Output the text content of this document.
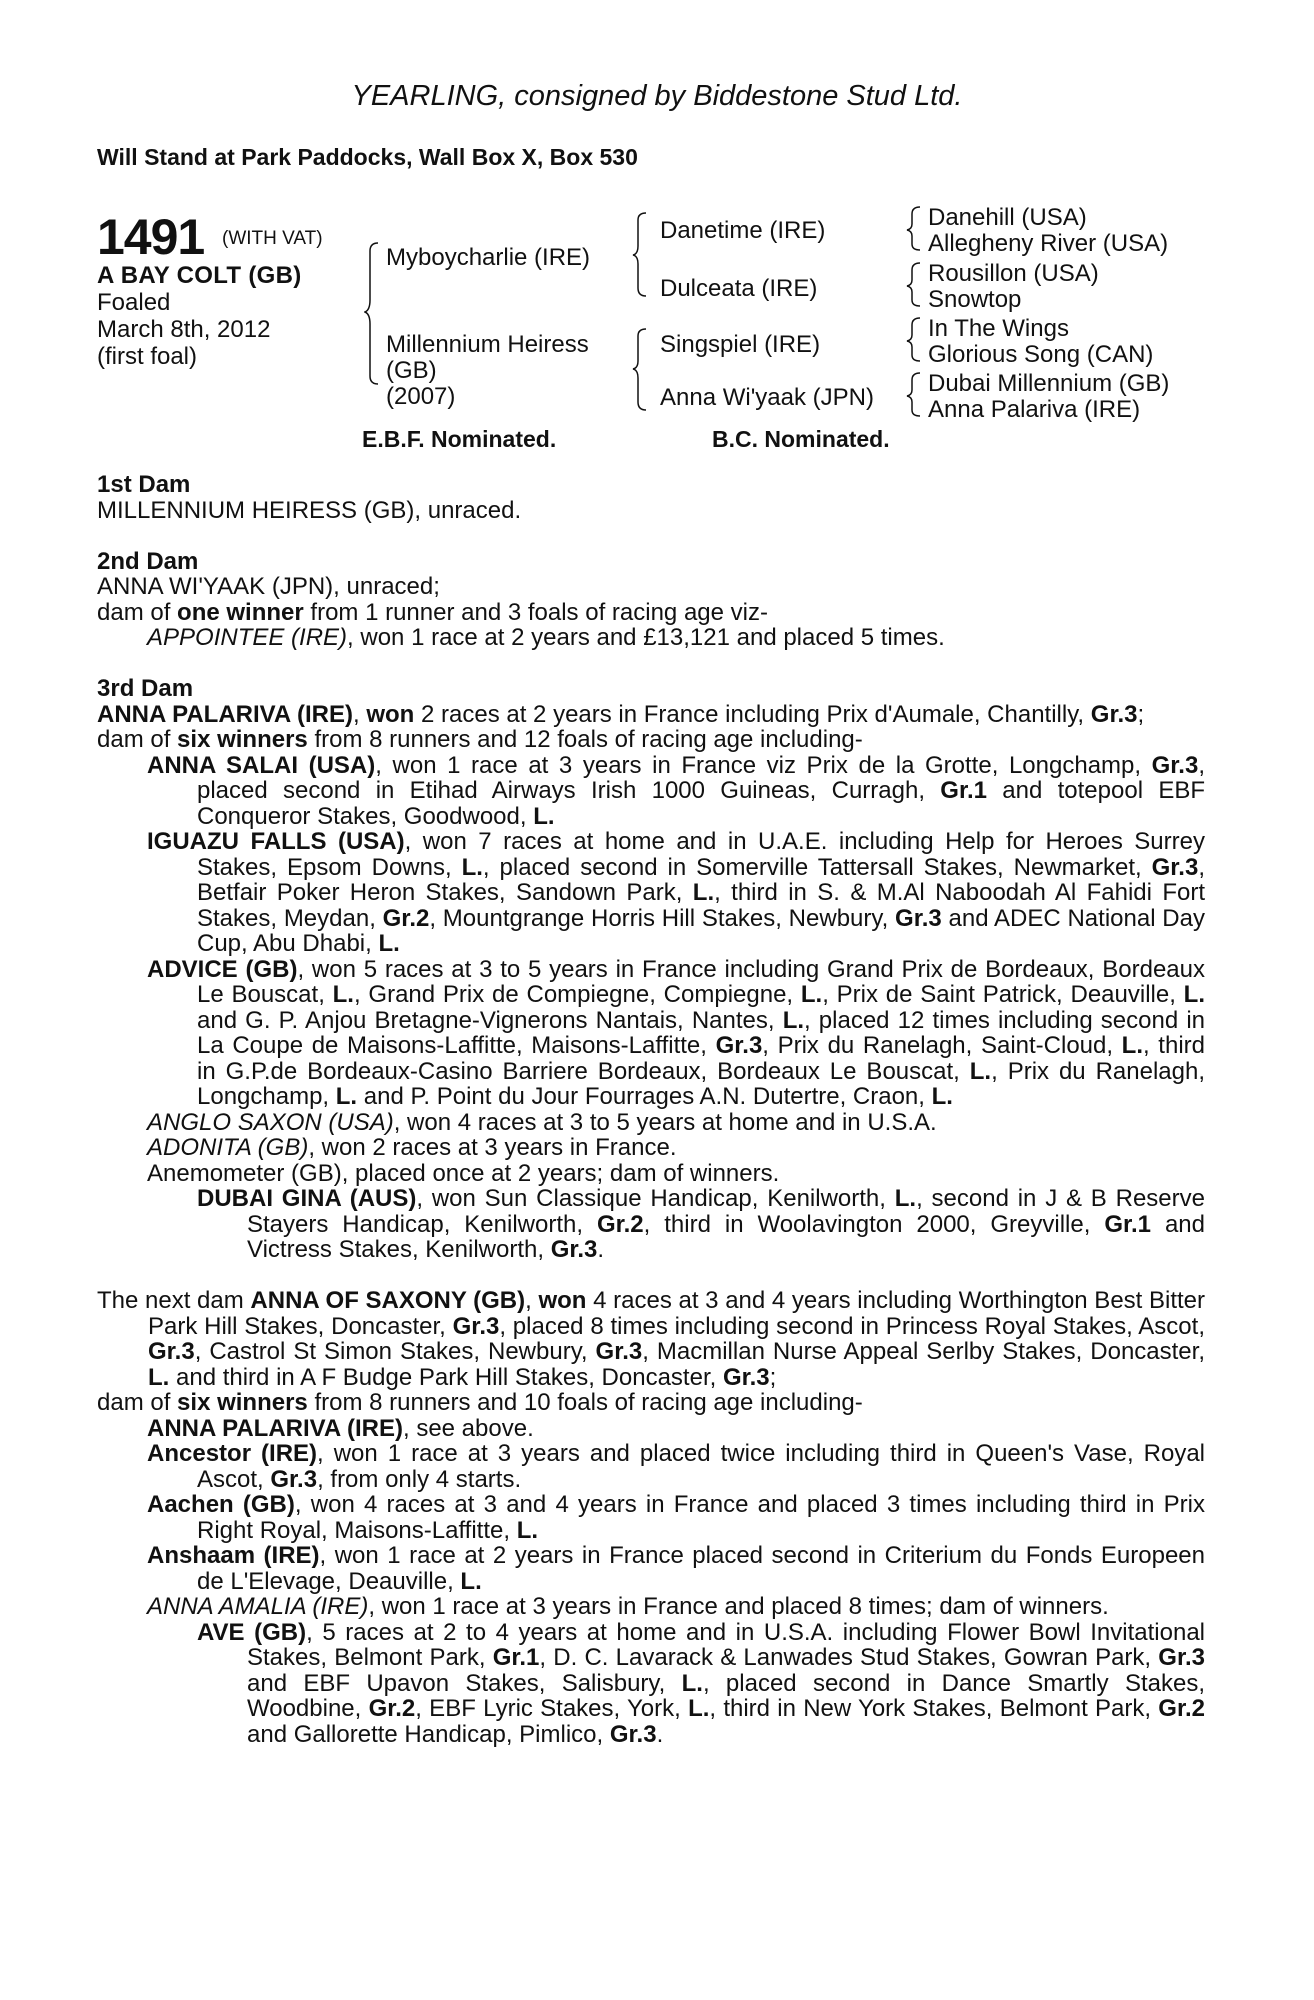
YEARLING, consigned by Biddestone Stud Ltd.
Will Stand at Park Paddocks, Wall Box X, Box 530
1491 (WITH VAT)
A BAY COLT (GB)
Foaled
March 8th, 2012
(first foal)
Myboycharlie (IRE)
Millennium Heiress
(GB)
(2007)
Danetime (IRE)
Dulceata (IRE)
Singspiel (IRE)
Anna Wi'yaak (JPN)
Danehill (USA)
Allegheny River (USA)
Rousillon (USA)
Snowtop
In The Wings
Glorious Song (CAN)
Dubai Millennium (GB)
Anna Palariva (IRE)
E.B.F. Nominated.	B.C. Nominated.

1st Dam

MILLENNIUM HEIRESS (GB), unraced.

2nd Dam

ANNA WI'YAAK (JPN), unraced;

dam of one winner from 1 runner and 3 foals of racing age viz-

APPOINTEE (IRE), won 1 race at 2 years and £13,121 and placed 5 times.

3rd Dam

ANNA PALARIVA (IRE), won 2 races at 2 years in France including Prix d'Aumale, Chantilly, Gr.3;

dam of six winners from 8 runners and 12 foals of racing age including-

ANNA SALAI (USA), won 1 race at 3 years in France viz Prix de la Grotte, Longchamp, Gr.3, placed second in Etihad Airways Irish 1000 Guineas, Curragh, Gr.1 and totepool EBF Conqueror Stakes, Goodwood, L.

IGUAZU FALLS (USA), won 7 races at home and in U.A.E. including Help for Heroes Surrey Stakes, Epsom Downs, L., placed second in Somerville Tattersall Stakes, Newmarket, Gr.3, Betfair Poker Heron Stakes, Sandown Park, L., third in S. & M.Al Naboodah Al Fahidi Fort Stakes, Meydan, Gr.2, Mountgrange Horris Hill Stakes, Newbury, Gr.3 and ADEC National Day Cup, Abu Dhabi, L.

ADVICE (GB), won 5 races at 3 to 5 years in France including Grand Prix de Bordeaux, Bordeaux Le Bouscat, L., Grand Prix de Compiegne, Compiegne, L., Prix de Saint Patrick, Deauville, L. and G. P. Anjou Bretagne-Vignerons Nantais, Nantes, L., placed 12 times including second in La Coupe de Maisons-Laffitte, Maisons-Laffitte, Gr.3, Prix du Ranelagh, Saint-Cloud, L., third in G.P.de Bordeaux-Casino Barriere Bordeaux, Bordeaux Le Bouscat, L., Prix du Ranelagh, Longchamp, L. and P. Point du Jour Fourrages A.N. Dutertre, Craon, L.

ANGLO SAXON (USA), won 4 races at 3 to 5 years at home and in U.S.A.

ADONITA (GB), won 2 races at 3 years in France.

Anemometer (GB), placed once at 2 years; dam of winners.

DUBAI GINA (AUS), won Sun Classique Handicap, Kenilworth, L., second in J & B Reserve Stayers Handicap, Kenilworth, Gr.2, third in Woolavington 2000, Greyville, Gr.1 and Victress Stakes, Kenilworth, Gr.3.

The next dam ANNA OF SAXONY (GB), won 4 races at 3 and 4 years including Worthington Best Bitter Park Hill Stakes, Doncaster, Gr.3, placed 8 times including second in Princess Royal Stakes, Ascot, Gr.3, Castrol St Simon Stakes, Newbury, Gr.3, Macmillan Nurse Appeal Serlby Stakes, Doncaster, L. and third in A F Budge Park Hill Stakes, Doncaster, Gr.3;

dam of six winners from 8 runners and 10 foals of racing age including-

ANNA PALARIVA (IRE), see above.

Ancestor (IRE), won 1 race at 3 years and placed twice including third in Queen's Vase, Royal Ascot, Gr.3, from only 4 starts.

Aachen (GB), won 4 races at 3 and 4 years in France and placed 3 times including third in Prix Right Royal, Maisons-Laffitte, L.

Anshaam (IRE), won 1 race at 2 years in France placed second in Criterium du Fonds Europeen de L'Elevage, Deauville, L.

ANNA AMALIA (IRE), won 1 race at 3 years in France and placed 8 times; dam of winners.

AVE (GB), 5 races at 2 to 4 years at home and in U.S.A. including Flower Bowl Invitational Stakes, Belmont Park, Gr.1, D. C. Lavarack & Lanwades Stud Stakes, Gowran Park, Gr.3 and EBF Upavon Stakes, Salisbury, L., placed second in Dance Smartly Stakes, Woodbine, Gr.2, EBF Lyric Stakes, York, L., third in New York Stakes, Belmont Park, Gr.2 and Gallorette Handicap, Pimlico, Gr.3.
